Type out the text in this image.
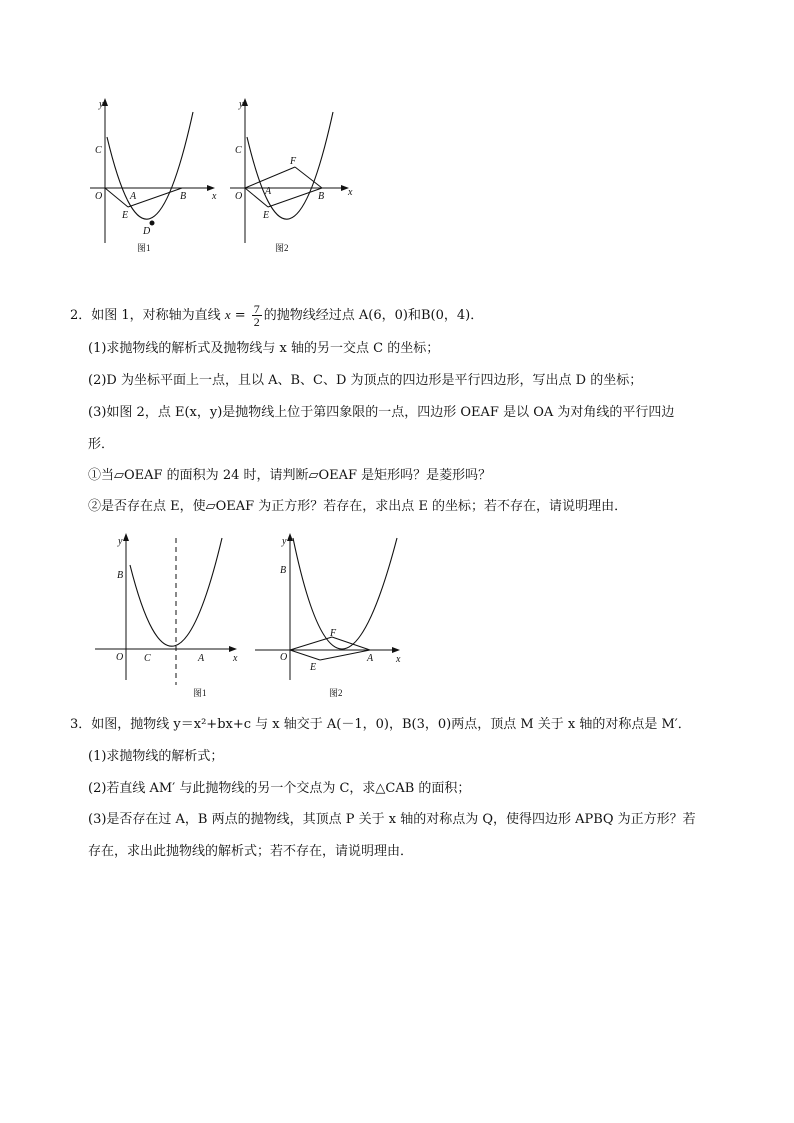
y
x
O
C
A	B
E
D
图1
y
x
O
C
A	B
E
F
图2
2．如图 1，对称轴为直线 $x = \frac{7}{2}$ 的抛物线经过点 A(6，0)和B(0，4)．
(1)求抛物线的解析式及抛物线与 x 轴的另一交点 C 的坐标；
(2)D 为坐标平面上一点，且以 A、B、C、D 为顶点的四边形是平行四边形，写出点 D 的坐标；
(3)如图 2，点 E(x，y)是抛物线上位于第四象限的一点，四边形 OEAF 是以 OA 为对角线的平行四边
形．
①当▱OEAF 的面积为 24 时，请判断▱OEAF 是矩形吗？是菱形吗？
②是否存在点 E，使▱OEAF 为正方形？若存在，求出点 E 的坐标；若不存在，请说明理由．
y
x
O
B
C	A
图1
y
x
O
B
E
F
A
图2
3．如图，抛物线 y＝x²+bx+c 与 x 轴交于 A(－1，0)，B(3，0)两点，顶点 M 关于 x 轴的对称点是 M′．
(1)求抛物线的解析式；
(2)若直线 AM′ 与此抛物线的另一个交点为 C，求△CAB 的面积；
(3)是否存在过 A，B 两点的抛物线，其顶点 P 关于 x 轴的对称点为 Q，使得四边形 APBQ 为正方形？若
存在，求出此抛物线的解析式；若不存在，请说明理由．
